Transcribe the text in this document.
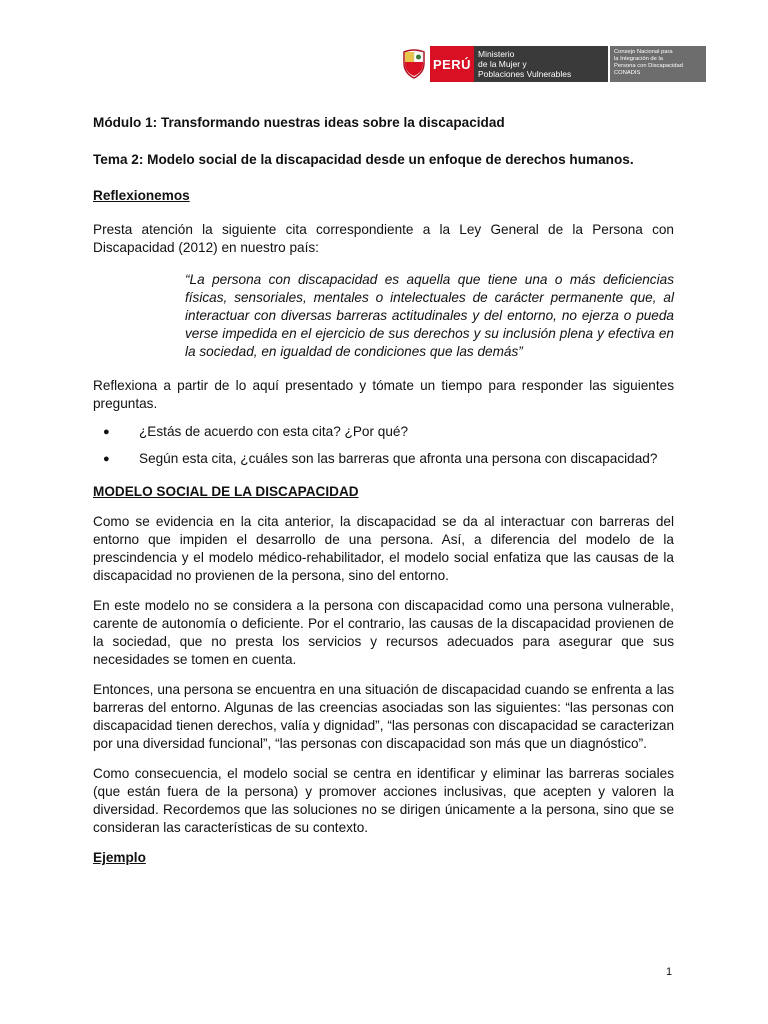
PERÚ
Ministerio
de la Mujer y
Poblaciones Vulnerables
Consejo Nacional para
la Integración de la
Persona con Discapacidad
CONADIS

Módulo 1: Transformando nuestras ideas sobre la discapacidad

Tema 2: Modelo social de la discapacidad desde un enfoque de derechos humanos.

Reflexionemos

Presta atención la siguiente cita correspondiente a la Ley General de la Persona con Discapacidad (2012) en nuestro país:

“La persona con discapacidad es aquella que tiene una o más deficiencias físicas, sensoriales, mentales o intelectuales de carácter permanente que, al interactuar con diversas barreras actitudinales y del entorno, no ejerza o pueda verse impedida en el ejercicio de sus derechos y su inclusión plena y efectiva en la sociedad, en igualdad de condiciones que las demás”

Reflexiona a partir de lo aquí presentado y tómate un tiempo para responder las siguientes preguntas.

● ¿Estás de acuerdo con esta cita? ¿Por qué?
● Según esta cita, ¿cuáles son las barreras que afronta una persona con discapacidad?

MODELO SOCIAL DE LA DISCAPACIDAD

Como se evidencia en la cita anterior, la discapacidad se da al interactuar con barreras del entorno que impiden el desarrollo de una persona. Así, a diferencia del modelo de la prescindencia y el modelo médico-rehabilitador, el modelo social enfatiza que las causas de la discapacidad no provienen de la persona, sino del entorno.

En este modelo no se considera a la persona con discapacidad como una persona vulnerable, carente de autonomía o deficiente. Por el contrario, las causas de la discapacidad provienen de la sociedad, que no presta los servicios y recursos adecuados para asegurar que sus necesidades se tomen en cuenta.

Entonces, una persona se encuentra en una situación de discapacidad cuando se enfrenta a las barreras del entorno. Algunas de las creencias asociadas son las siguientes: “las personas con discapacidad tienen derechos, valía y dignidad”, “las personas con discapacidad se caracterizan por una diversidad funcional”, “las personas con discapacidad son más que un diagnóstico”.

Como consecuencia, el modelo social se centra en identificar y eliminar las barreras sociales (que están fuera de la persona) y promover acciones inclusivas, que acepten y valoren la diversidad. Recordemos que las soluciones no se dirigen únicamente a la persona, sino que se consideran las características de su contexto.

Ejemplo

1
